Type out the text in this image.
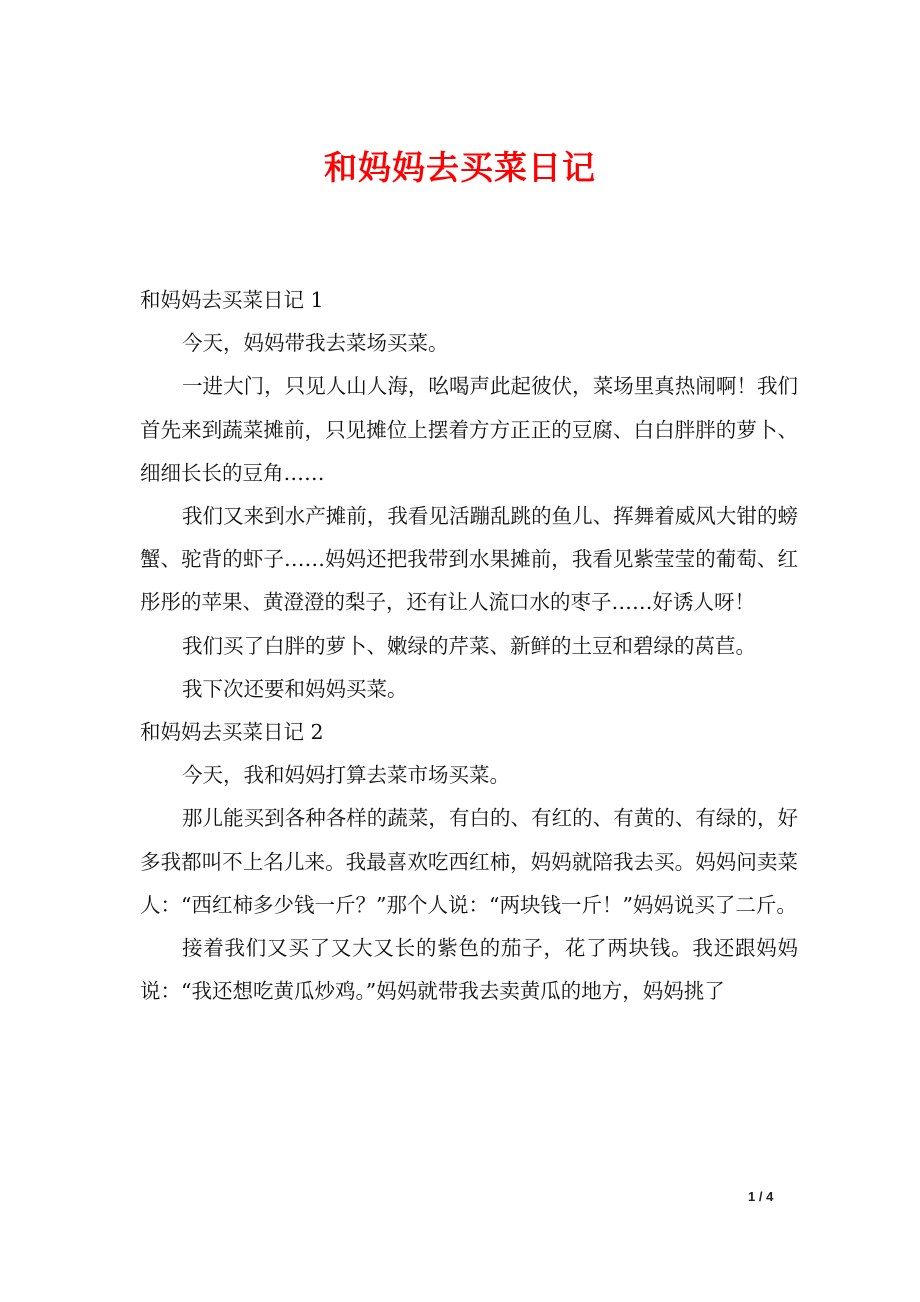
和妈妈去买菜日记

和妈妈去买菜日记 1

今天，妈妈带我去菜场买菜。

一进大门，只见人山人海，吆喝声此起彼伏，菜场里真热闹啊！我们首先来到蔬菜摊前，只见摊位上摆着方方正正的豆腐、白白胖胖的萝卜、细细长长的豆角……

我们又来到水产摊前，我看见活蹦乱跳的鱼儿、挥舞着威风大钳的螃蟹、驼背的虾子……妈妈还把我带到水果摊前，我看见紫莹莹的葡萄、红彤彤的苹果、黄澄澄的梨子，还有让人流口水的枣子……好诱人呀！

我们买了白胖的萝卜、嫩绿的芹菜、新鲜的土豆和碧绿的莴苣。

我下次还要和妈妈买菜。

和妈妈去买菜日记 2

今天，我和妈妈打算去菜市场买菜。

那儿能买到各种各样的蔬菜，有白的、有红的、有黄的、有绿的，好多我都叫不上名儿来。我最喜欢吃西红柿，妈妈就陪我去买。妈妈问卖菜人：“西红柿多少钱一斤？”那个人说：“两块钱一斤！”妈妈说买了二斤。

接着我们又买了又大又长的紫色的茄子，花了两块钱。我还跟妈妈说：“我还想吃黄瓜炒鸡。”妈妈就带我去卖黄瓜的地方，妈妈挑了

1 / 4
